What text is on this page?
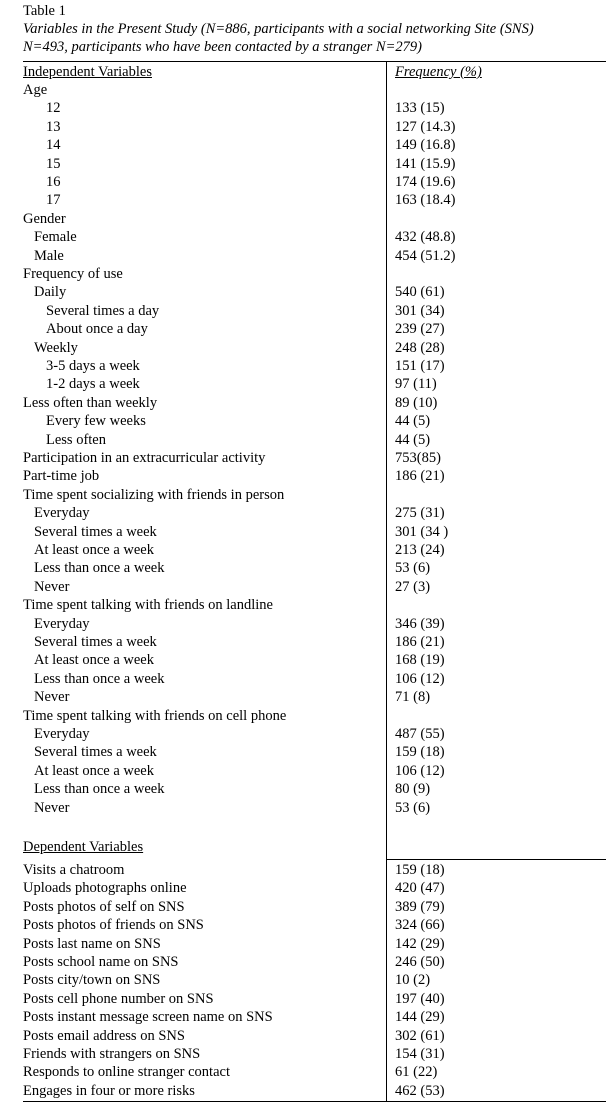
Table 1
Variables in the Present Study (N=886, participants with a social networking Site (SNS)
N=493, participants who have been contacted by a stranger N=279)
Independent Variables	Frequency (%)
Age
12	133 (15)
13	127 (14.3)
14	149 (16.8)
15	141 (15.9)
16	174 (19.6)
17	163 (18.4)
Gender
Female	432 (48.8)
Male	454 (51.2)
Frequency of use
Daily	540 (61)
Several times a day	301 (34)
About once a day	239 (27)
Weekly	248 (28)
3-5 days a week	151 (17)
1-2 days a week	97 (11)
Less often than weekly	89 (10)
Every few weeks	44 (5)
Less often	44 (5)
Participation in an extracurricular activity	753(85)
Part-time job	186 (21)
Time spent socializing with friends in person
Everyday	275 (31)
Several times a week	301 (34 )
At least once a week	213 (24)
Less than once a week	53 (6)
Never	27 (3)
Time spent talking with friends on landline
Everyday	346 (39)
Several times a week	186 (21)
At least once a week	168 (19)
Less than once a week	106 (12)
Never	71 (8)
Time spent talking with friends on cell phone
Everyday	487 (55)
Several times a week	159 (18)
At least once a week	106 (12)
Less than once a week	80 (9)
Never	53 (6)
Dependent Variables
Visits a chatroom	159 (18)
Uploads photographs online	420 (47)
Posts photos of self on SNS	389 (79)
Posts photos of friends on SNS	324 (66)
Posts last name on SNS	142 (29)
Posts school name on SNS	246 (50)
Posts city/town on SNS	10 (2)
Posts cell phone number on SNS	197 (40)
Posts instant message screen name on SNS	144 (29)
Posts email address on SNS	302 (61)
Friends with strangers on SNS	154 (31)
Responds to online stranger contact	61 (22)
Engages in four or more risks	462 (53)
